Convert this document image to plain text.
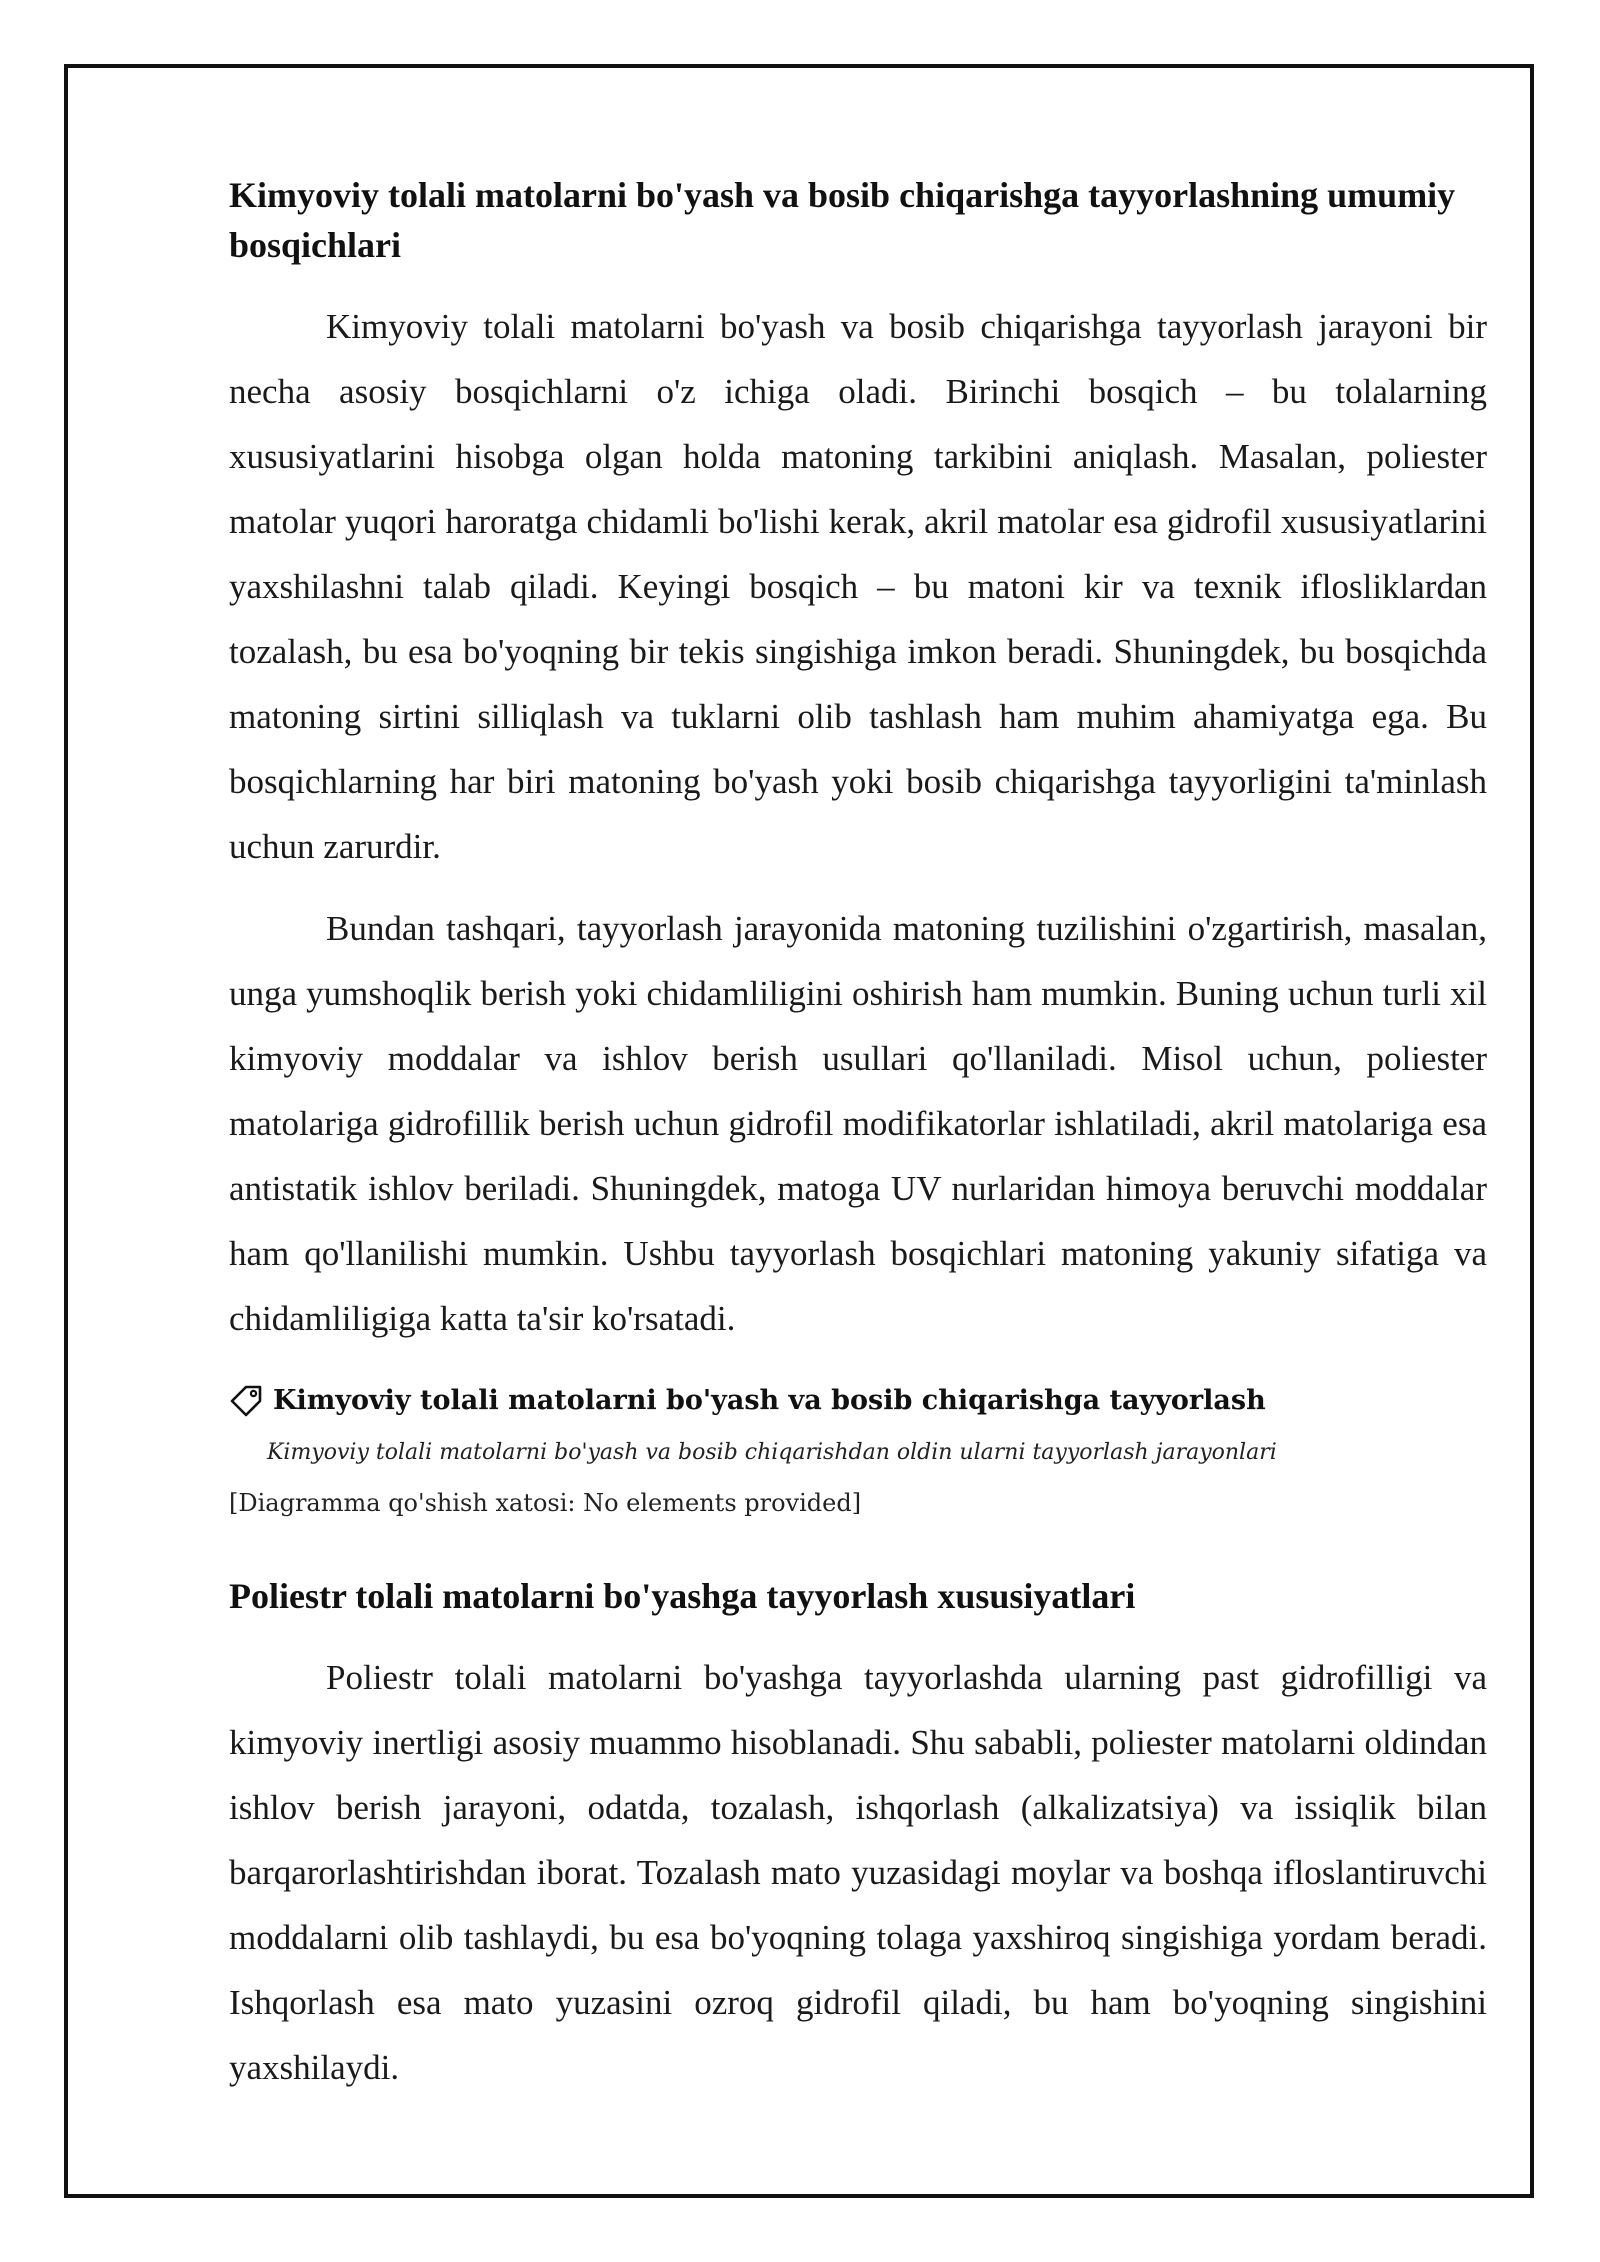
Kimyoviy tolali matolarni bo'yash va bosib chiqarishga tayyorlashning umumiy bosqichlari

Kimyoviy tolali matolarni bo'yash va bosib chiqarishga tayyorlash jarayoni bir necha asosiy bosqichlarni o'z ichiga oladi. Birinchi bosqich – bu tolalarning xususiyatlarini hisobga olgan holda matoning tarkibini aniqlash. Masalan, poliester matolar yuqori haroratga chidamli bo'lishi kerak, akril matolar esa gidrofil xususiyatlarini yaxshilashni talab qiladi. Keyingi bosqich – bu matoni kir va texnik ifloslikl﻿ardan tozalash, bu esa bo'yoqning bir tekis singishiga imkon beradi. Shuningdek, bu bosqichda matoning sirtini silliqlash va tuklarni olib tashlash ham muhim ahamiyatga ega. Bu bosqichlarning har biri matoning bo'yash yoki bosib chiqarishga tayyorligini ta'minlash uchun zarurdir.

Bundan tashqari, tayyorlash jarayonida matoning tuzilishini o'zgartirish, masalan, unga yumshoqlik berish yoki chidamliligini oshirish ham mumkin. Buning uchun turli xil kimyoviy moddalar va ishlov berish usullari qo'llaniladi. Misol uchun, poliester matolariga gidrofillik berish uchun gidrofil modifikatorlar ishlatiladi, akril matolariga esa antistatik ishlov beriladi. Shuningdek, matoga UV nurlaridan himoya beruvchi moddalar ham qo'llanilishi mumkin. Ushbu tayyorlash bosqichlari matoning yakuniy sifatiga va chidamliligiga katta ta'sir ko'rsatadi.

Kimyoviy tolali matolarni bo'yash va bosib chiqarishga tayyorlash
Kimyoviy tolali matolarni bo'yash va bosib chiqarishdan oldin ularni tayyorlash jarayonlari
[Diagramma qo'shish xatosi: No elements provided]
Poliestr tolali matolarni bo'yashga tayyorlash xususiyatlari

Poliestr tolali matolarni bo'yashga tayyorlashda ularning past gidrofilligi va kimyoviy inertligi asosiy muammo hisoblanadi. Shu sababli, poliester matolarni oldindan ishlov berish jarayoni, odatda, tozalash, ishqorlash (alkalizatsiya) va issiqlik bilan barqarorlashtirishdan iborat. Tozalash mato yuzasidagi moylar va boshqa ifloslantiruvchi moddalarni olib tashlaydi, bu esa bo'yoqning tolaga yaxshiroq singishiga yordam beradi. Ishqorlash esa mato yuzasini ozroq gidrofil qiladi, bu ham bo'yoqning singishini yaxshilaydi.
